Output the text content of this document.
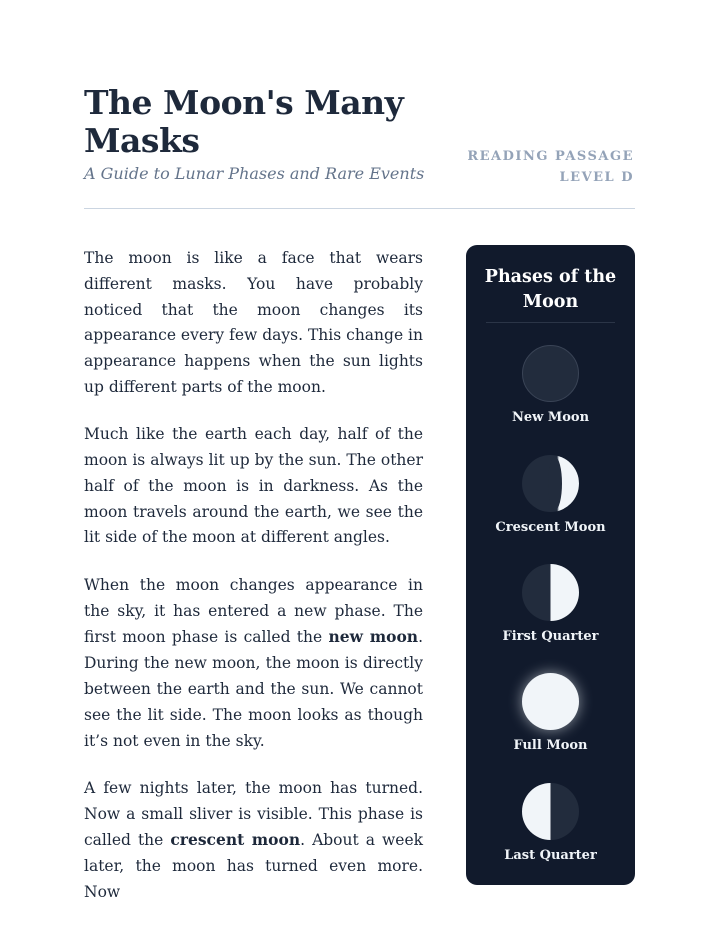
The Moon's Many Masks

A Guide to Lunar Phases and Rare Events

READING PASSAGE LEVEL D

The moon is like a face that wears different masks. You have probably noticed that the moon changes its appearance every few days. This change in appearance happens when the sun lights up different parts of the moon.

Much like the earth each day, half of the moon is always lit up by the sun. The other half of the moon is in darkness. As the moon travels around the earth, we see the lit side of the moon at different angles.

When the moon changes appearance in the sky, it has entered a new phase. The first moon phase is called the new moon. During the new moon, the moon is directly between the earth and the sun. We cannot see the lit side. The moon looks as though it’s not even in the sky.

A few nights later, the moon has turned. Now a small sliver is visible. This phase is called the crescent moon. About a week later, the moon has turned even more. Now

Phases of the Moon
New Moon
Crescent Moon
First Quarter
Full Moon
Last Quarter
